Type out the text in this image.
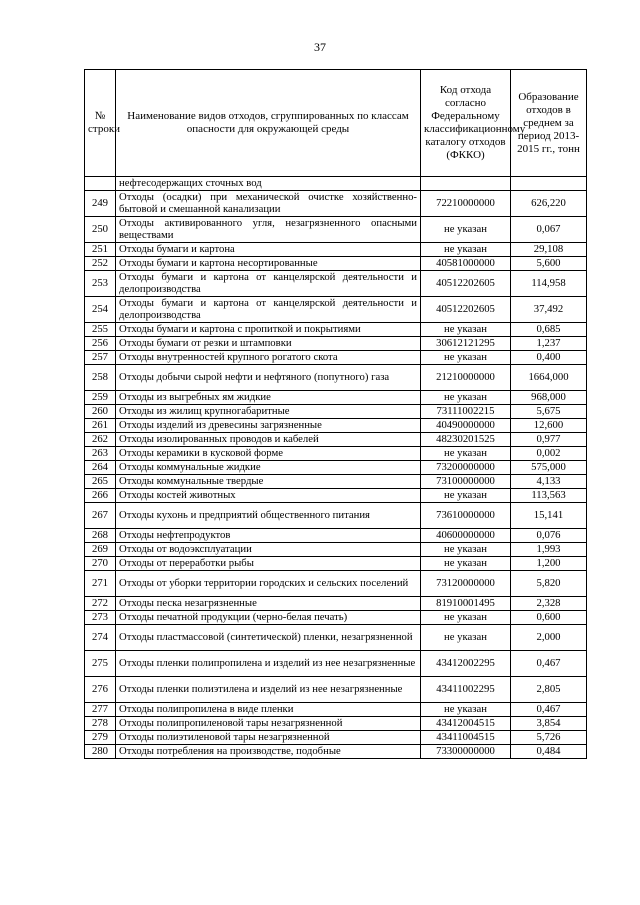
37
№ строки	Наименование видов отходов, сгруппированных по классам опасности для окружающей среды	Код отхода согласно Федеральному классификационному каталогу отходов (ФККО)	Образование отходов в среднем за период 2013-2015 гг., тонн
	нефтесодержащих сточных вод		
249	Отходы (осадки) при механической очистке хозяйственно-бытовой и смешанной канализации	72210000000	626,220
250	Отходы активированного угля, незагрязненного опасными веществами	не указан	0,067
251	Отходы бумаги и картона	не указан	29,108
252	Отходы бумаги и картона несортированные	40581000000	5,600
253	Отходы бумаги и картона от канцелярской деятельности и делопроизводства	40512202605	114,958
254	Отходы бумаги и картона от канцелярской деятельности и делопроизводства	40512202605	37,492
255	Отходы бумаги и картона с пропиткой и покрытиями	не указан	0,685
256	Отходы бумаги от резки и штамповки	30612121295	1,237
257	Отходы внутренностей крупного рогатого скота	не указан	0,400
258	Отходы добычи сырой нефти и нефтяного (попутного) газа	21210000000	1664,000
259	Отходы из выгребных ям жидкие	не указан	968,000
260	Отходы из жилищ крупногабаритные	73111002215	5,675
261	Отходы изделий из древесины загрязненные	40490000000	12,600
262	Отходы изолированных проводов и кабелей	48230201525	0,977
263	Отходы керамики в кусковой форме	не указан	0,002
264	Отходы коммунальные жидкие	73200000000	575,000
265	Отходы коммунальные твердые	73100000000	4,133
266	Отходы костей животных	не указан	113,563
267	Отходы кухонь и предприятий общественного питания	73610000000	15,141
268	Отходы нефтепродуктов	40600000000	0,076
269	Отходы от водоэксплуатации	не указан	1,993
270	Отходы от переработки рыбы	не указан	1,200
271	Отходы от уборки территории городских и сельских поселений	73120000000	5,820
272	Отходы песка незагрязненные	81910001495	2,328
273	Отходы печатной продукции (черно-белая печать)	не указан	0,600
274	Отходы пластмассовой (синтетической) пленки, незагрязненной	не указан	2,000
275	Отходы пленки полипропилена и изделий из нее незагрязненные	43412002295	0,467
276	Отходы пленки полиэтилена и изделий из нее незагрязненные	43411002295	2,805
277	Отходы полипропилена в виде пленки	не указан	0,467
278	Отходы полипропиленовой тары незагрязненной	43412004515	3,854
279	Отходы полиэтиленовой тары незагрязненной	43411004515	5,726
280	Отходы потребления на производстве, подобные	73300000000	0,484
